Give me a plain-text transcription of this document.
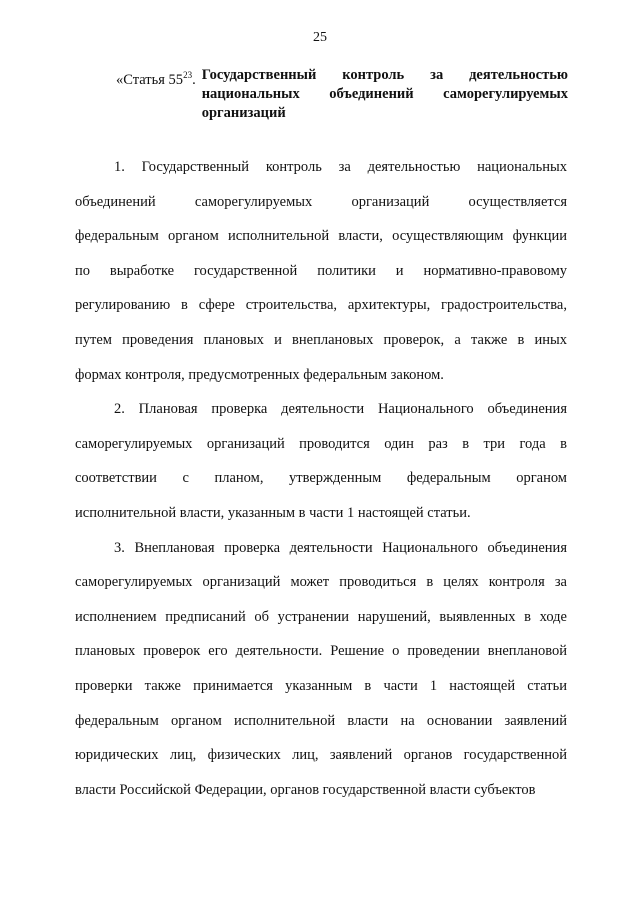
25
«Статья $55^{23}$. Государственный контроль за деятельностью национальных объединений саморегулируемых организаций
1. Государственный контроль за деятельностью национальных
объединений саморегулируемых организаций осуществляется
федеральным органом исполнительной власти, осуществляющим функции
по выработке государственной политики и нормативно-правовому
регулированию в сфере строительства, архитектуры, градостроительства,
путем проведения плановых и внеплановых проверок, а также в иных
формах контроля, предусмотренных федеральным законом.
2. Плановая проверка деятельности Национального объединения
саморегулируемых организаций проводится один раз в три года в
соответствии с планом, утвержденным федеральным органом
исполнительной власти, указанным в части 1 настоящей статьи.
3. Внеплановая проверка деятельности Национального объединения
саморегулируемых организаций может проводиться в целях контроля за
исполнением предписаний об устранении нарушений, выявленных в ходе
плановых проверок его деятельности. Решение о проведении внеплановой
проверки также принимается указанным в части 1 настоящей статьи
федеральным органом исполнительной власти на основании заявлений
юридических лиц, физических лиц, заявлений органов государственной
власти Российской Федерации, органов государственной власти субъектов
